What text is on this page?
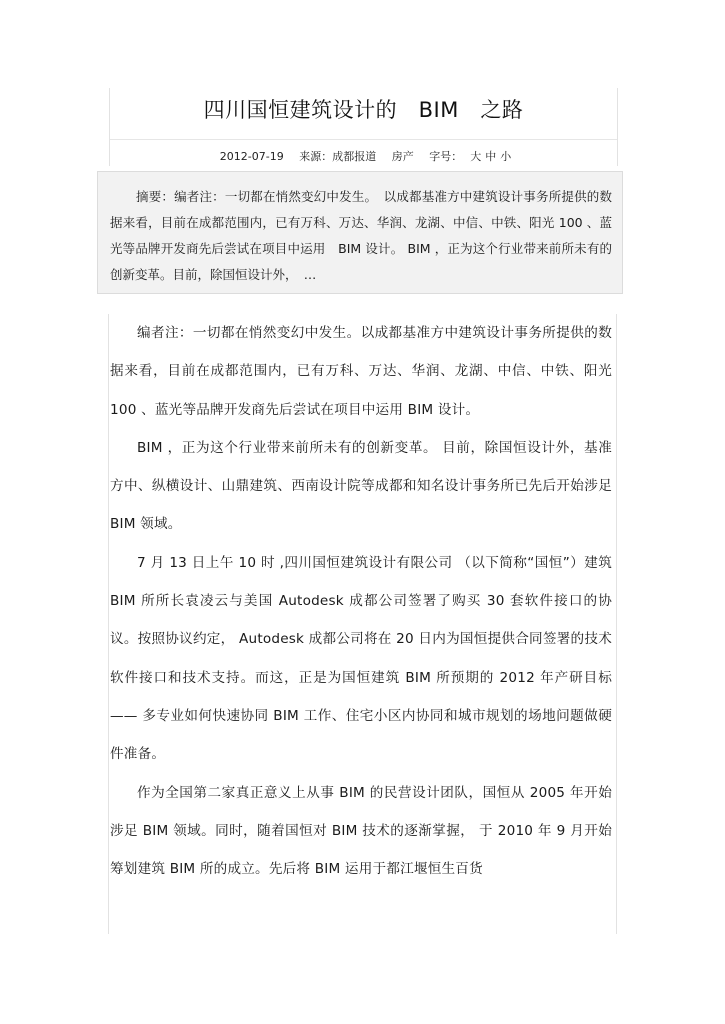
四川国恒建筑设计的　BIM　之路
2012-07-19 来源：成都报道 房产 字号： 大 中 小
摘要：编者注：一切都在悄然变幻中发生。　以成都基准方中建筑设计事务所提供的数据来看，目前在成都范围内，已有万科、万达、华润、龙湖、中信、中铁、阳光 100 、蓝光等品牌开发商先后尝试在项目中运用　BIM 设计。 BIM ，正为这个行业带来前所未有的创新变革。目前，除国恒设计外，　…

编者注：一切都在悄然变幻中发生。以成都基准方中建筑设计事务所提供的数据来看，目前在成都范围内，已有万科、万达、华润、龙湖、中信、中铁、阳光 100 、蓝光等品牌开发商先后尝试在项目中运用 BIM 设计。

BIM ，正为这个行业带来前所未有的创新变革。 目前，除国恒设计外，基准方中、纵横设计、山鼎建筑、西南设计院等成都和知名设计事务所已先后开始涉足 BIM 领域。

7 月 13 日上午 10 时 ,四川国恒建筑设计有限公司 （以下简称“国恒”）建筑 BIM 所所长袁凌云与美国 Autodesk 成都公司签署了购买 30 套软件接口的协议。按照协议约定， Autodesk 成都公司将在 20 日内为国恒提供合同签署的技术软件接口和技术支持。而这，正是为国恒建筑 BIM 所预期的 2012 年产研目标 —— 多专业如何快速协同 BIM 工作、住宅小区内协同和城市规划的场地问题做硬件准备。

作为全国第二家真正意义上从事 BIM 的民营设计团队，国恒从 2005 年开始涉足 BIM 领域。同时，随着国恒对 BIM 技术的逐渐掌握， 于 2010 年 9 月开始筹划建筑 BIM 所的成立。先后将 BIM 运用于都江堰恒生百货
